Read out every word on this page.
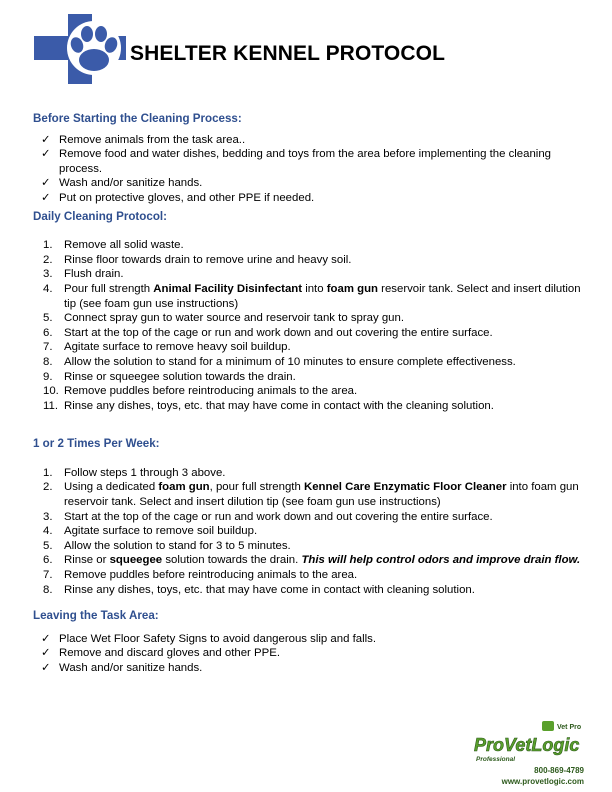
SHELTER KENNEL PROTOCOL
Before Starting the Cleaning Process:
✓ Remove animals from the task area..
✓ Remove food and water dishes, bedding and toys from the area before implementing the cleaning process.
✓ Wash and/or sanitize hands.
✓ Put on protective gloves, and other PPE if needed.
Daily Cleaning Protocol:
1. Remove all solid waste.
2. Rinse floor towards drain to remove urine and heavy soil.
3. Flush drain.
4. Pour full strength Animal Facility Disinfectant into foam gun reservoir tank. Select and insert dilution tip (see foam gun use instructions)
5. Connect spray gun to water source and reservoir tank to spray gun.
6. Start at the top of the cage or run and work down and out covering the entire surface.
7. Agitate surface to remove heavy soil buildup.
8. Allow the solution to stand for a minimum of 10 minutes to ensure complete effectiveness.
9. Rinse or squeegee solution towards the drain.
10. Remove puddles before reintroducing animals to the area.
11. Rinse any dishes, toys, etc. that may have come in contact with the cleaning solution.
1 or 2 Times Per Week:
1. Follow steps 1 through 3 above.
2. Using a dedicated foam gun, pour full strength Kennel Care Enzymatic Floor Cleaner into foam gun reservoir tank. Select and insert dilution tip (see foam gun use instructions)
3. Start at the top of the cage or run and work down and out covering the entire surface.
4. Agitate surface to remove soil buildup.
5. Allow the solution to stand for 3 to 5 minutes.
6. Rinse or squeegee solution towards the drain. This will help control odors and improve drain flow.
7. Remove puddles before reintroducing animals to the area.
8. Rinse any dishes, toys, etc. that may have come in contact with cleaning solution.
Leaving the Task Area:
✓ Place Wet Floor Safety Signs to avoid dangerous slip and falls.
✓ Remove and discard gloves and other PPE.
✓ Wash and/or sanitize hands.
Vet Pro
ProVetLogic
Professional
800-869-4789
www.provetlogic.com
